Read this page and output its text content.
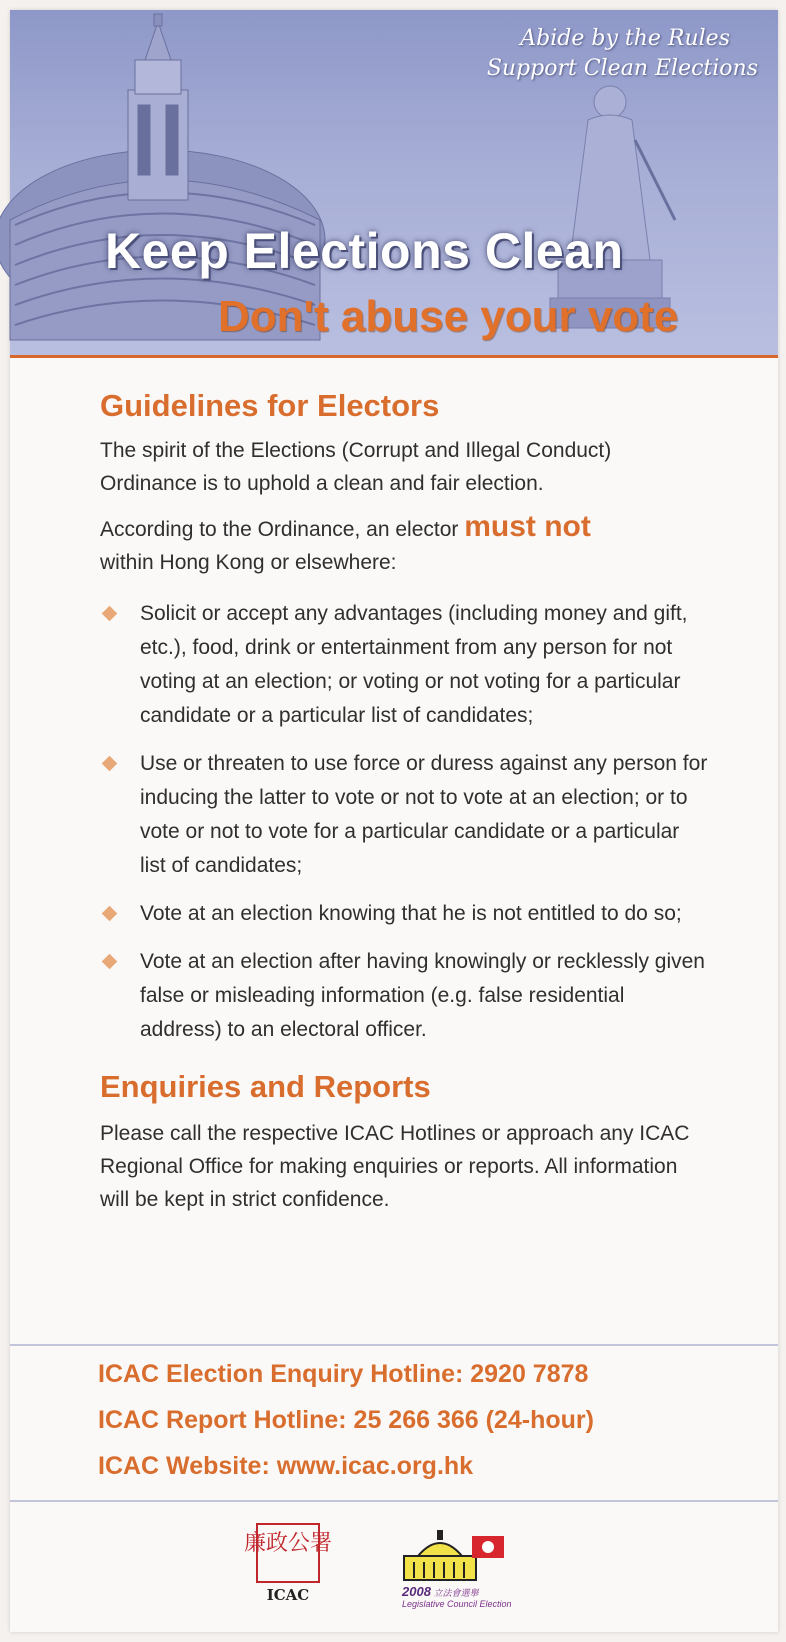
Abide by the Rules
Support Clean Elections
Keep Elections Clean
Don't abuse your vote
Guidelines for Electors

The spirit of the Elections (Corrupt and Illegal Conduct) Ordinance is to uphold a clean and fair election.

According to the Ordinance, an elector must not
within Hong Kong or elsewhere:

Solicit or accept any advantages (including money and gift, etc.), food, drink or entertainment from any person for not voting at an election; or voting or not voting for a particular candidate or a particular list of candidates;
Use or threaten to use force or duress against any person for inducing the latter to vote or not to vote at an election; or to vote or not to vote for a particular candidate or a particular list of candidates;
Vote at an election knowing that he is not entitled to do so;
Vote at an election after having knowingly or recklessly given false or misleading information (e.g. false residential address) to an electoral officer.
Enquiries and Reports

Please call the respective ICAC Hotlines or approach any ICAC Regional Office for making enquiries or reports. All information will be kept in strict confidence.

ICAC Election Enquiry Hotline: 2920 7878
ICAC Report Hotline: 25 266 366 (24-hour)
ICAC Website: www.icac.org.hk
廉政公署
ICAC	2008 立法會選舉
Legislative Council Election
